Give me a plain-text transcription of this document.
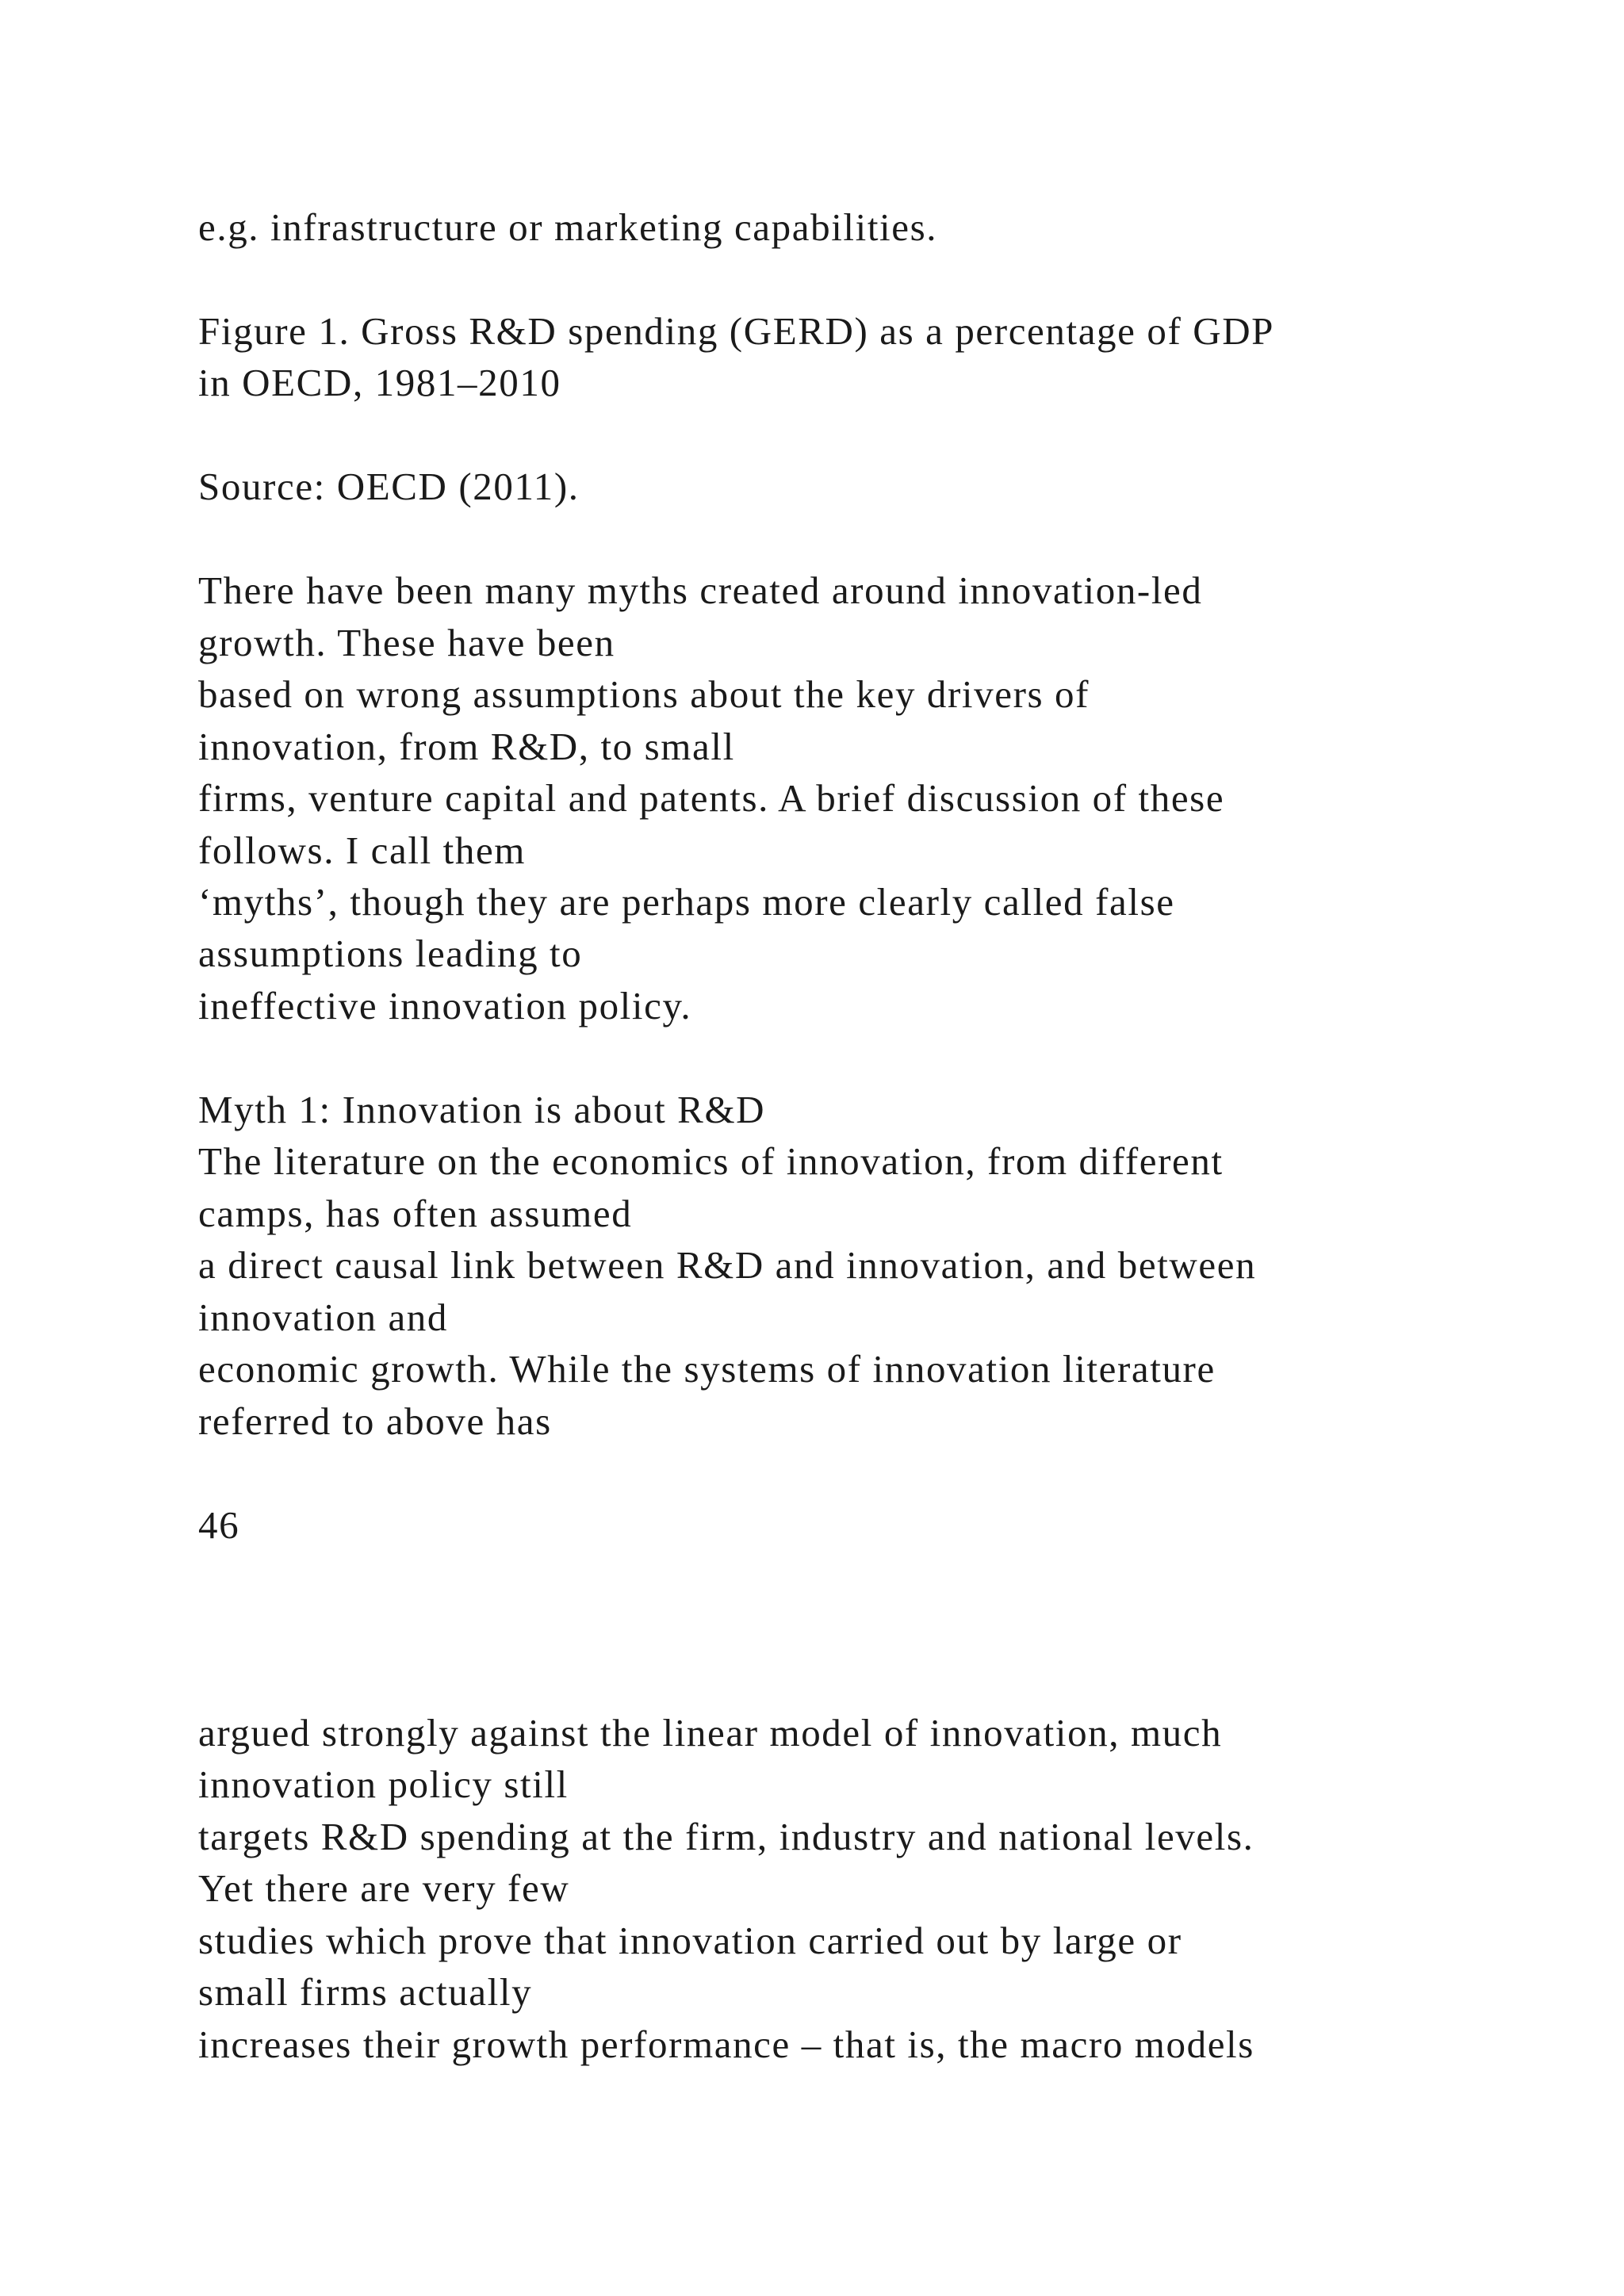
e.g. infrastructure or marketing capabilities.
Figure 1. Gross R&D spending (GERD) as a percentage of GDP
in OECD, 1981–2010
Source: OECD (2011).
There have been many myths created around innovation-led
growth. These have been
based on wrong assumptions about the key drivers of
innovation, from R&D, to small
firms, venture capital and patents. A brief discussion of these
follows. I call them
‘myths’, though they are perhaps more clearly called false
assumptions leading to
ineffective innovation policy.
Myth 1: Innovation is about R&D
The literature on the economics of innovation, from different
camps, has often assumed
a direct causal link between R&D and innovation, and between
innovation and
economic growth. While the systems of innovation literature
referred to above has
46
argued strongly against the linear model of innovation, much
innovation policy still
targets R&D spending at the firm, industry and national levels.
Yet there are very few
studies which prove that innovation carried out by large or
small firms actually
increases their growth performance – that is, the macro models
